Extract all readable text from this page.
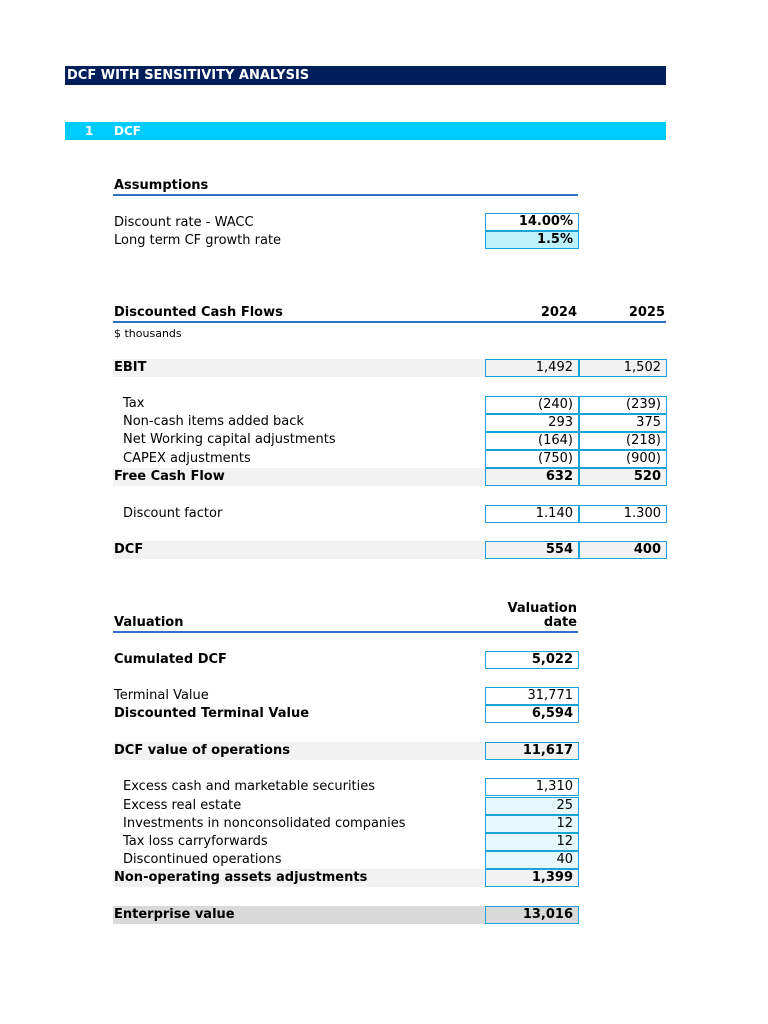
DCF WITH SENSITIVITY ANALYSIS
1 DCF
Assumptions
Discount rate - WACC	14.00%
Long term CF growth rate	1.5%
Discounted Cash Flows	2024	2025
$ thousands
EBIT	1,492	1,502
Tax	(240)	(239)
Non-cash items added back	293	375
Net Working capital adjustments	(164)	(218)
CAPEX adjustments	(750)	(900)
Free Cash Flow	632	520
Discount factor	1.140	1.300
DCF	554	400
Valuation
Valuation
date
Cumulated DCF	5,022
Terminal Value	31,771
Discounted Terminal Value	6,594
DCF value of operations	11,617
Excess cash and marketable securities	1,310
Excess real estate	25
Investments in nonconsolidated companies	12
Tax loss carryforwards	12
Discontinued operations	40
Non-operating assets adjustments	1,399
Enterprise value	13,016
